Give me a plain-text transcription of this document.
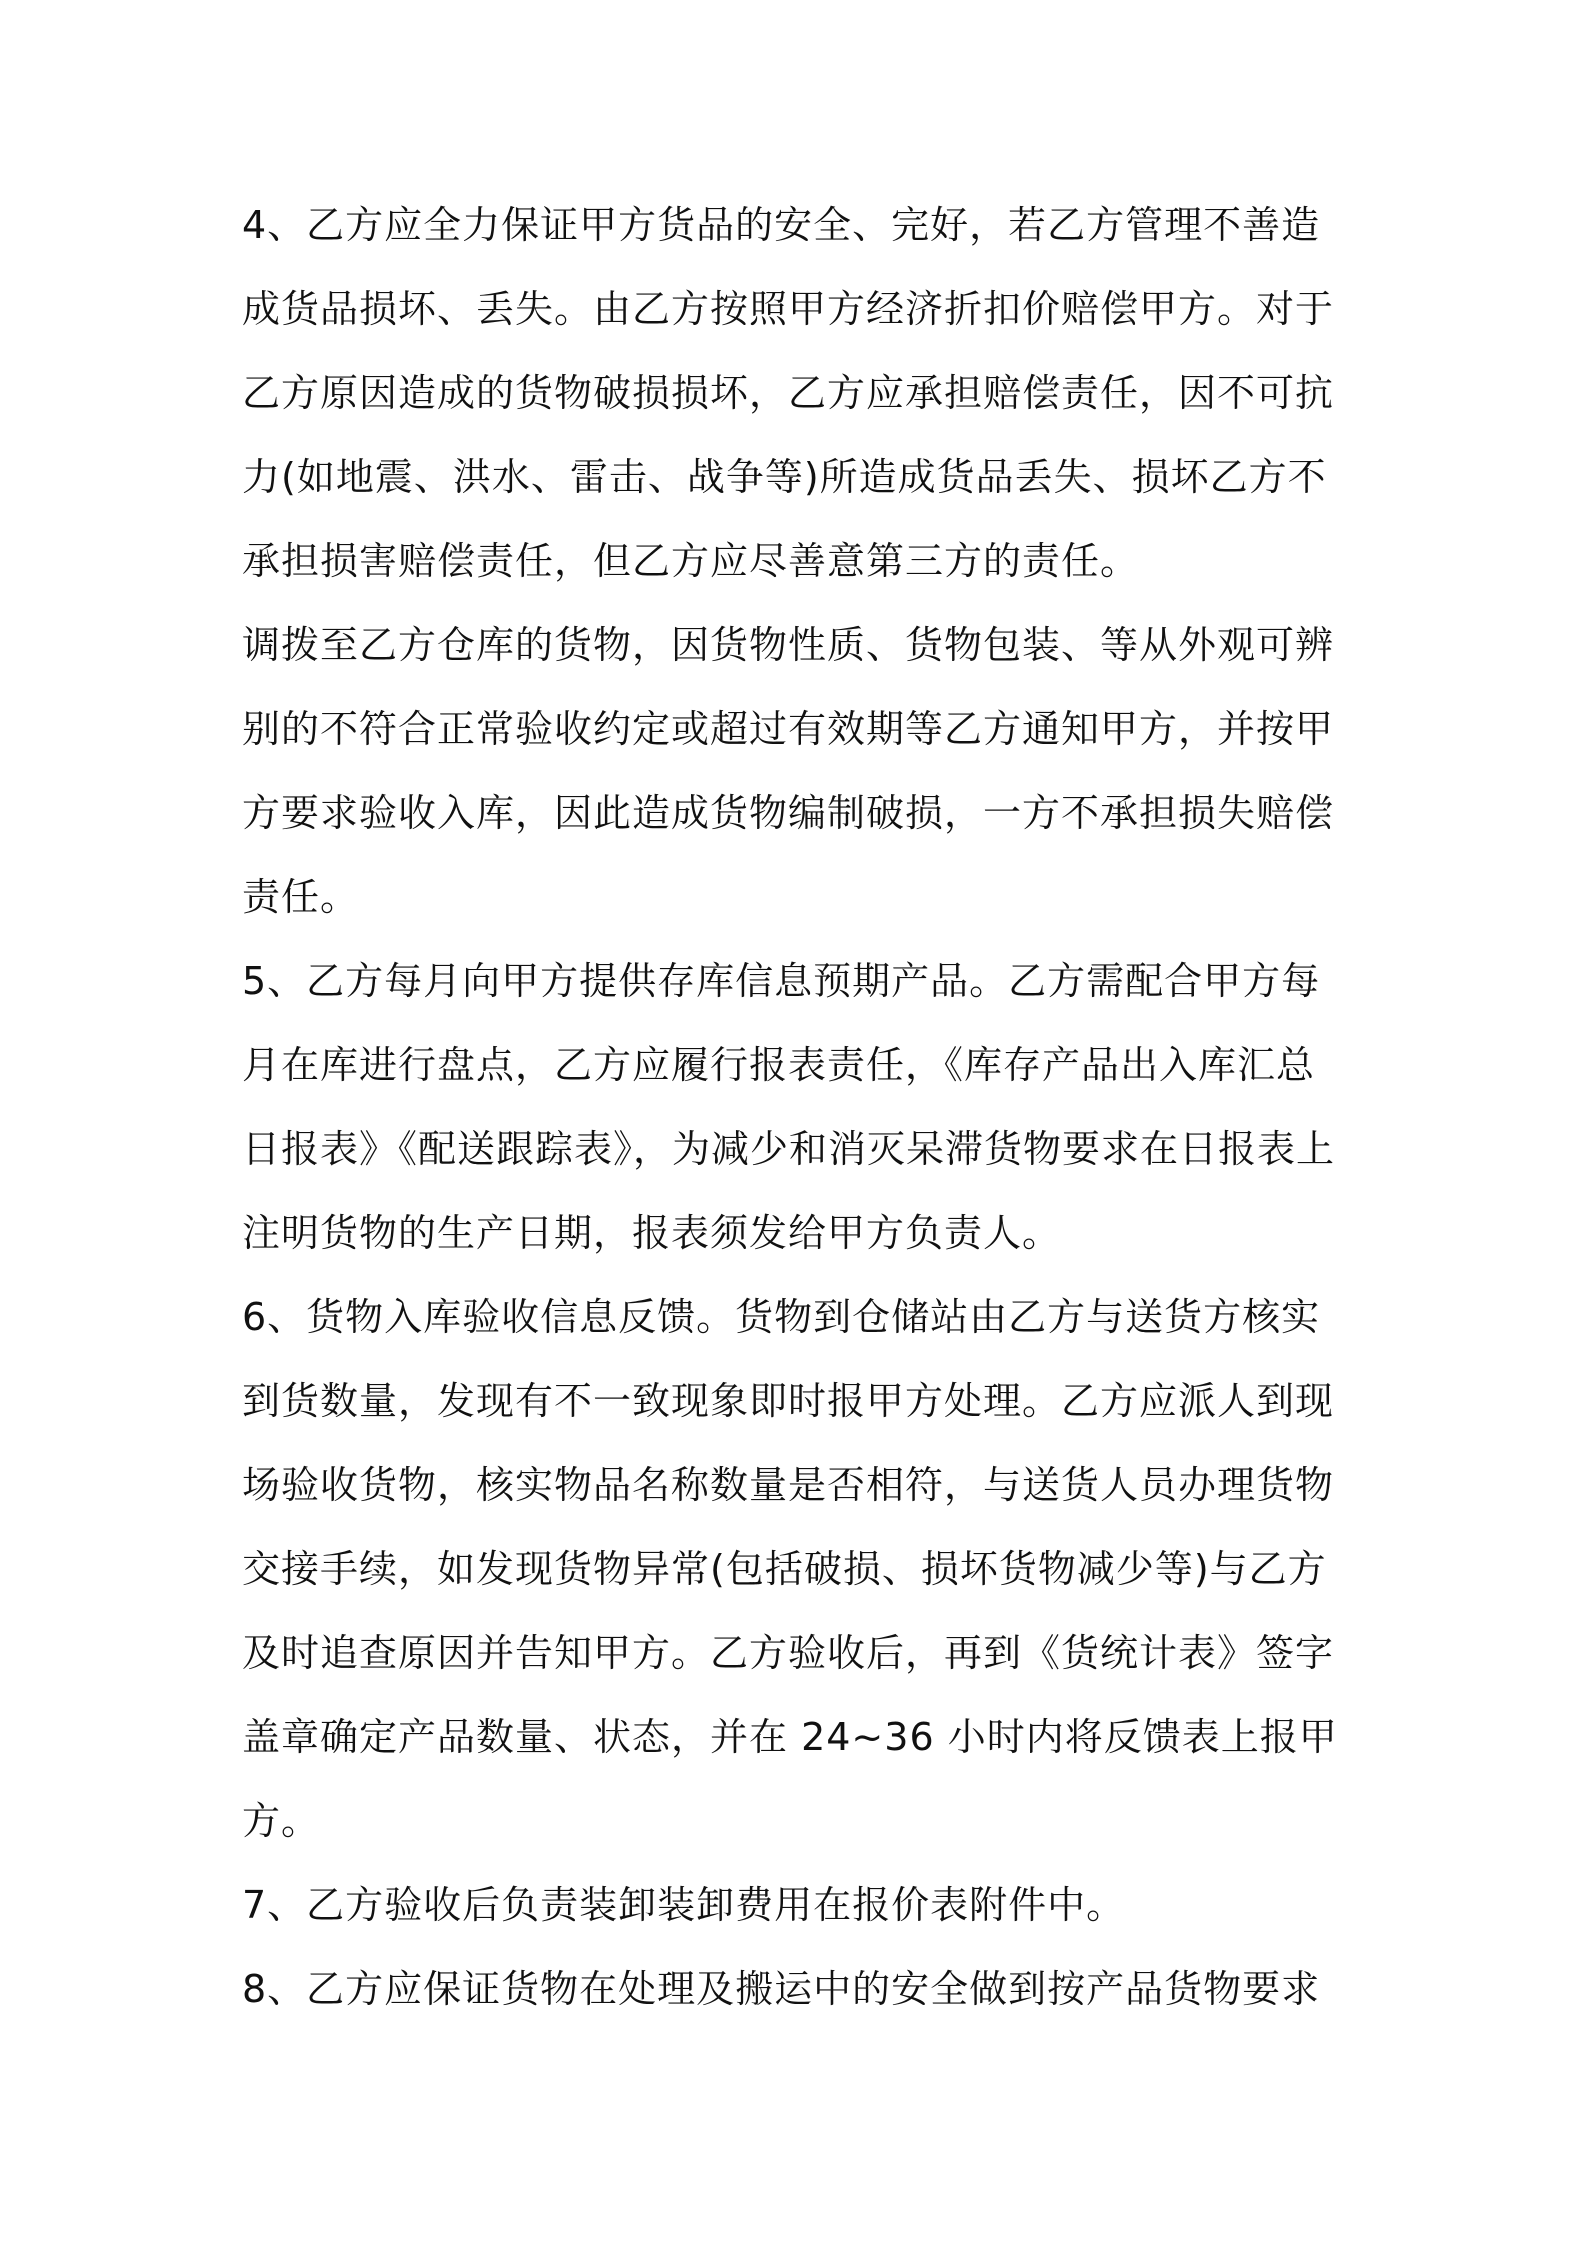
4、乙方应全力保证甲方货品的安全、完好，若乙方管理不善造
成货品损坏、丢失。由乙方按照甲方经济折扣价赔偿甲方。对于
乙方原因造成的货物破损损坏，乙方应承担赔偿责任，因不可抗
力(如地震、洪水、雷击、战争等)所造成货品丢失、损坏乙方不
承担损害赔偿责任，但乙方应尽善意第三方的责任。
调拨至乙方仓库的货物，因货物性质、货物包装、等从外观可辨
别的不符合正常验收约定或超过有效期等乙方通知甲方，并按甲
方要求验收入库，因此造成货物编制破损，一方不承担损失赔偿
责任。
5、乙方每月向甲方提供存库信息预期产品。乙方需配合甲方每
月在库进行盘点，乙方应履行报表责任，《库存产品出入库汇总
日报表》《配送跟踪表》，为减少和消灭呆滞货物要求在日报表上
注明货物的生产日期，报表须发给甲方负责人。
6、货物入库验收信息反馈。货物到仓储站由乙方与送货方核实
到货数量，发现有不一致现象即时报甲方处理。乙方应派人到现
场验收货物，核实物品名称数量是否相符，与送货人员办理货物
交接手续，如发现货物异常(包括破损、损坏货物减少等)与乙方
及时追查原因并告知甲方。乙方验收后，再到《货统计表》签字
盖章确定产品数量、状态，并在 24~36 小时内将反馈表上报甲
方。
7、乙方验收后负责装卸装卸费用在报价表附件中。
8、乙方应保证货物在处理及搬运中的安全做到按产品货物要求
